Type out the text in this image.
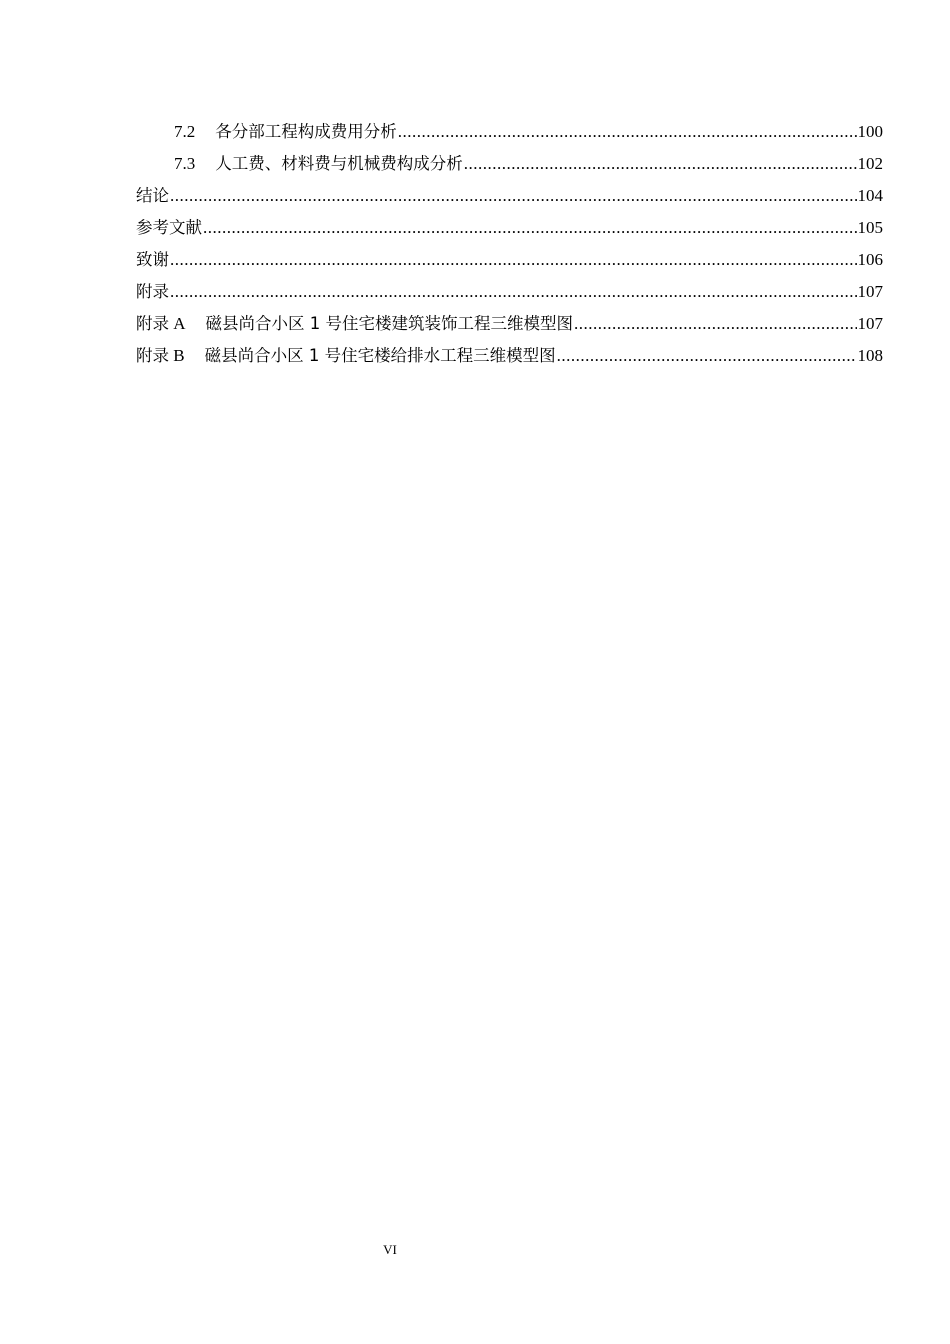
7.2 各分部工程构成费用分析 .....	100
7.3 人工费、材料费与机械费构成分析 .....	102
结论 .....	104
参考文献 .....	105
致谢 .....	106
附录 .....	107
附录 A 磁县尚合小区 1 号住宅楼建筑装饰工程三维模型图 .....	107
附录 B 磁县尚合小区 1 号住宅楼给排水工程三维模型图 .....	108
VI
